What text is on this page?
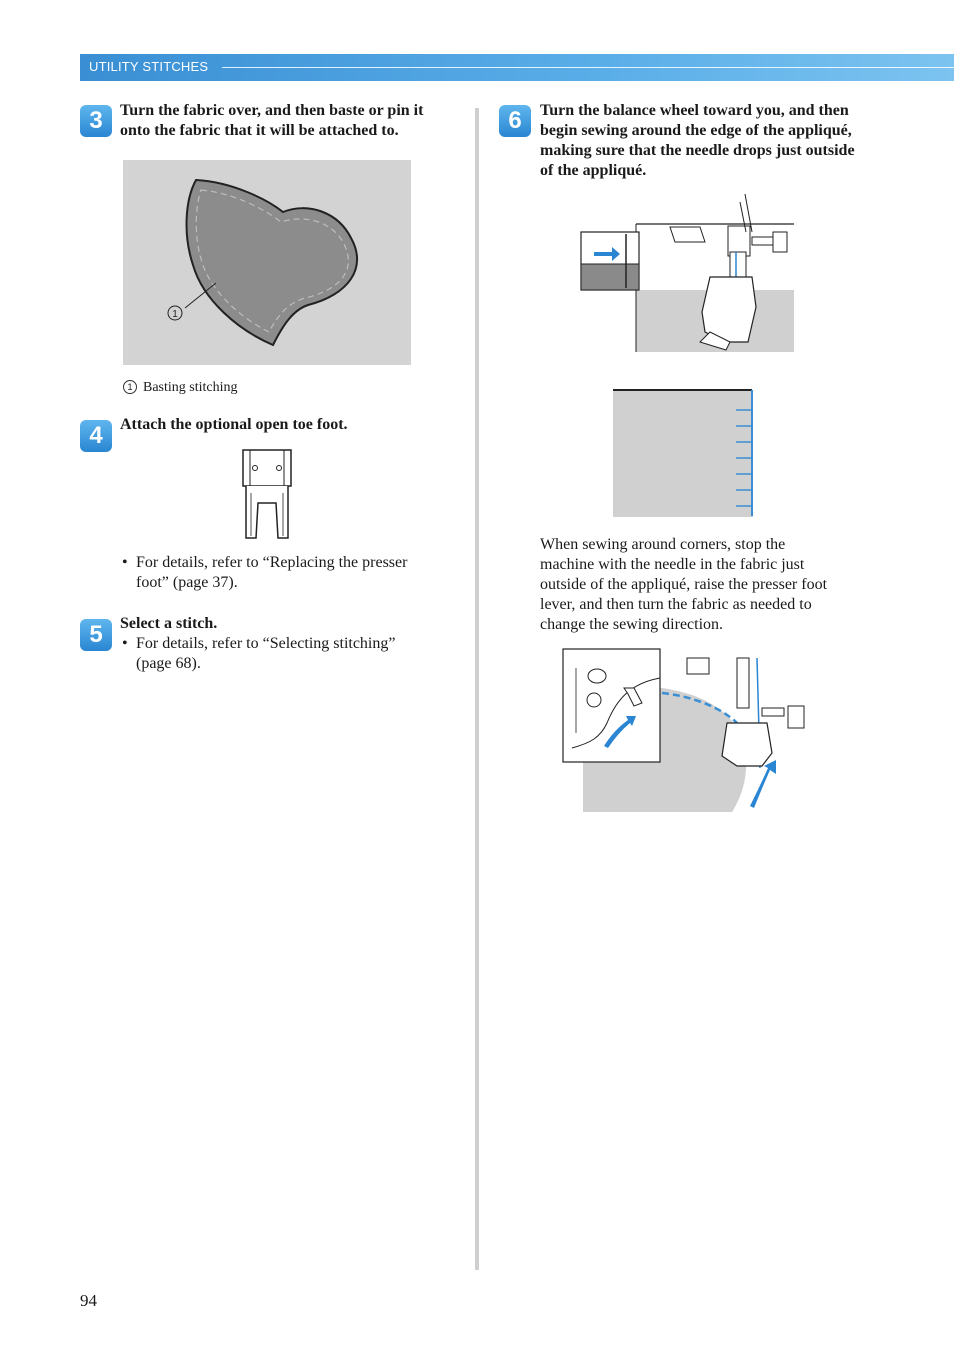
UTILITY STITCHES
3	Turn the fabric over, and then baste or pin it
onto the fabric that it will be attached to.
1
1 Basting stitching
4	Attach the optional open toe foot.
• For details, refer to “Replacing the presser
foot” (page 37).
5	Select a stitch.
• For details, refer to “Selecting stitching”
(page 68).
6	Turn the balance wheel toward you, and then
begin sewing around the edge of the appliqué,
making sure that the needle drops just outside
of the appliqué.
When sewing around corners, stop the
machine with the needle in the fabric just
outside of the appliqué, raise the presser foot
lever, and then turn the fabric as needed to
change the sewing direction.
94
